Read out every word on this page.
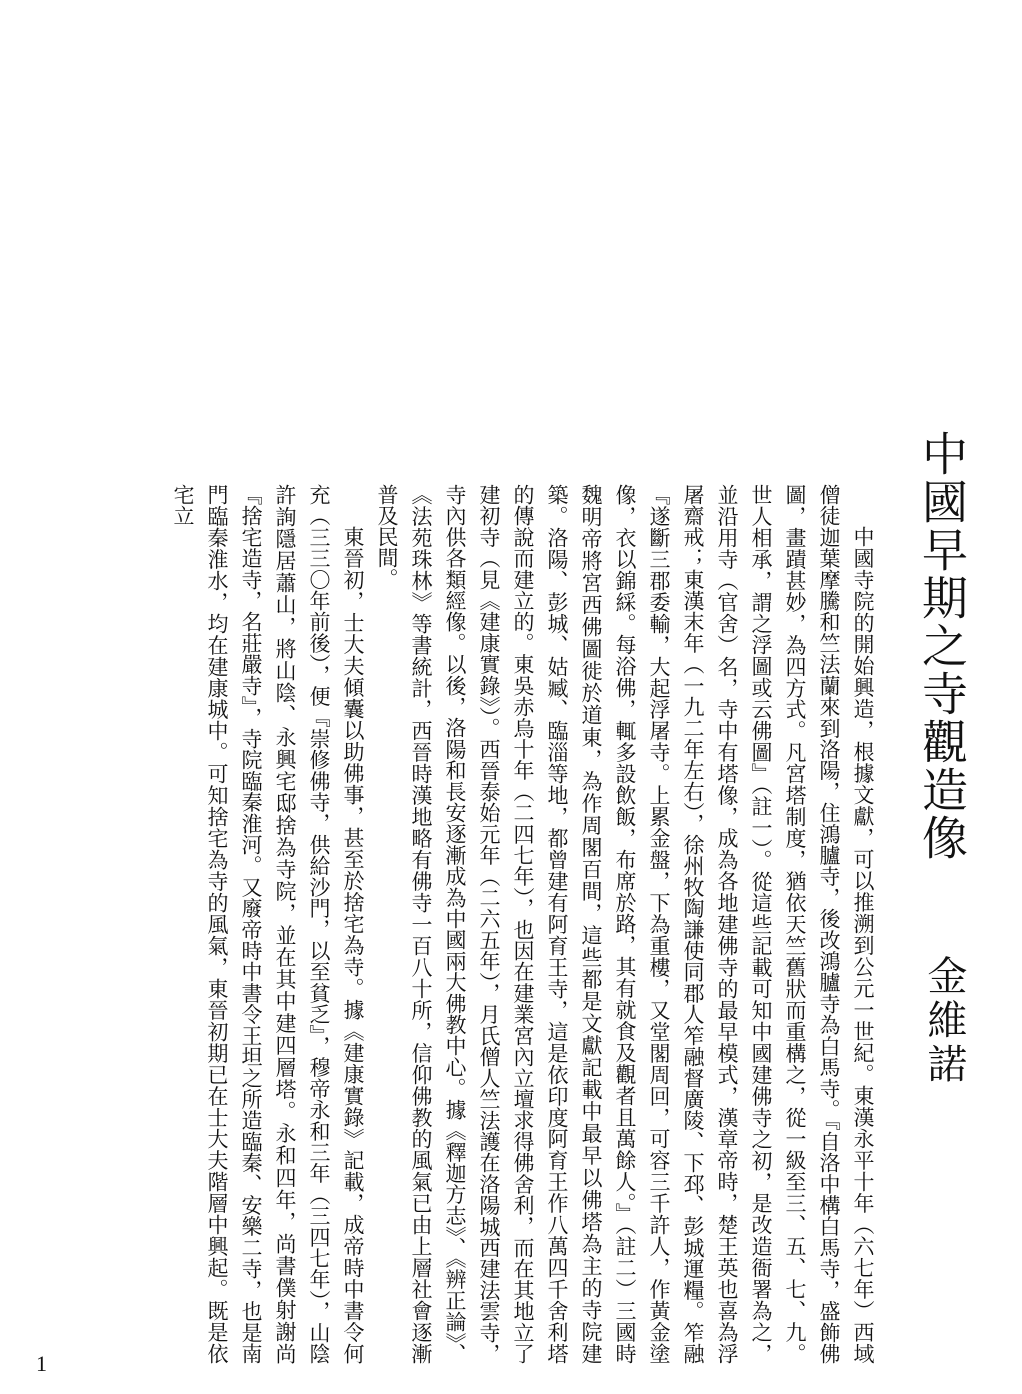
中國早期之寺觀造像
金維諾

中國寺院的開始興造，根據文獻，可以推溯到公元一世紀。東漢永平十年（六七年）西域僧徒迦葉摩騰和竺法蘭來到洛陽，住鴻臚寺，後改鴻臚寺為白馬寺。『自洛中構白馬寺，盛飾佛圖，畫蹟甚妙，為四方式。凡宮塔制度，猶依天竺舊狀而重構之，從一級至三、五、七、九。世人相承，謂之浮圖或云佛圖』（註一）。從這些記載可知中國建佛寺之初，是改造衙署為之，並沿用寺（官舍）名，寺中有塔像，成為各地建佛寺的最早模式，漢章帝時，楚王英也喜為浮屠齋戒；東漢末年（一九二年左右），徐州牧陶謙使同郡人笮融督廣陵、下邳、彭城運糧。笮融『遂斷三郡委輸，大起浮屠寺。上累金盤，下為重樓，又堂閣周回，可容三千許人，作黃金塗像，衣以錦綵。每浴佛，輒多設飲飯，布席於路，其有就食及觀者且萬餘人。』（註二）三國時魏明帝將宮西佛圖徙於道東，為作周閣百間，這些都是文獻記載中最早以佛塔為主的寺院建築。洛陽、彭城、姑臧、臨淄等地，都曾建有阿育王寺，這是依印度阿育王作八萬四千舍利塔的傳說而建立的。東吳赤烏十年（二四七年），也因在建業宮內立壇求得佛舍利，而在其地立了建初寺（見《建康實錄》）。西晉泰始元年（二六五年），月氏僧人竺法護在洛陽城西建法雲寺，寺內供各類經像。以後，洛陽和長安逐漸成為中國兩大佛教中心。據《釋迦方志》、《辨正論》、《法苑珠林》等書統計，西晉時漢地略有佛寺一百八十所，信仰佛教的風氣已由上層社會逐漸普及民間。

東晉初，士大夫傾囊以助佛事，甚至於捨宅為寺。據《建康實錄》記載，成帝時中書令何充（三三〇年前後），便『崇修佛寺，供給沙門，以至貧乏』，穆帝永和三年（三四七年），山陰許詢隱居蕭山，將山陰、永興宅邸捨為寺院，並在其中建四層塔。永和四年，尚書僕射謝尚『捨宅造寺，名莊嚴寺』，寺院臨秦淮河。又廢帝時中書令王坦之所造臨秦、安樂二寺，也是南門臨秦淮水，均在建康城中。可知捨宅為寺的風氣，東晉初期已在士大夫階層中興起。既是依宅立

1
